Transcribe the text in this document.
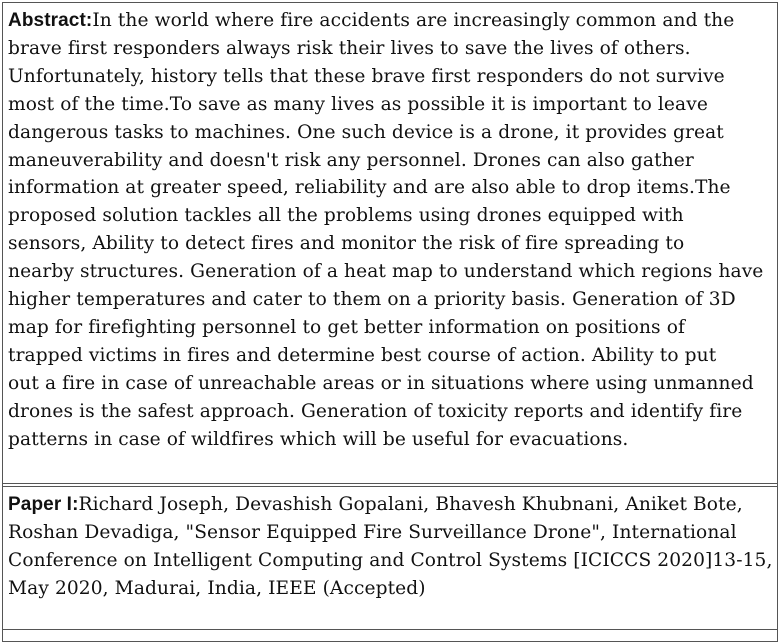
Abstract:In the world where fire accidents are increasingly common and the
brave first responders always risk their lives to save the lives of others.
Unfortunately, history tells that these brave first responders do not survive
most of the time.To save as many lives as possible it is important to leave
dangerous tasks to machines. One such device is a drone, it provides great
maneuverability and doesn't risk any personnel. Drones can also gather
information at greater speed, reliability and are also able to drop items.The
proposed solution tackles all the problems using drones equipped with
sensors, Ability to detect fires and monitor the risk of fire spreading to
nearby structures. Generation of a heat map to understand which regions have
higher temperatures and cater to them on a priority basis. Generation of 3D
map for firefighting personnel to get better information on positions of
trapped victims in fires and determine best course of action. Ability to put
out a fire in case of unreachable areas or in situations where using unmanned
drones is the safest approach. Generation of toxicity reports and identify fire
patterns in case of wildfires which will be useful for evacuations.
Paper I:Richard Joseph, Devashish Gopalani, Bhavesh Khubnani, Aniket Bote,
Roshan Devadiga, "Sensor Equipped Fire Surveillance Drone", International
Conference on Intelligent Computing and Control Systems [ICICCS 2020]13-15,
May 2020, Madurai, India, IEEE (Accepted)
